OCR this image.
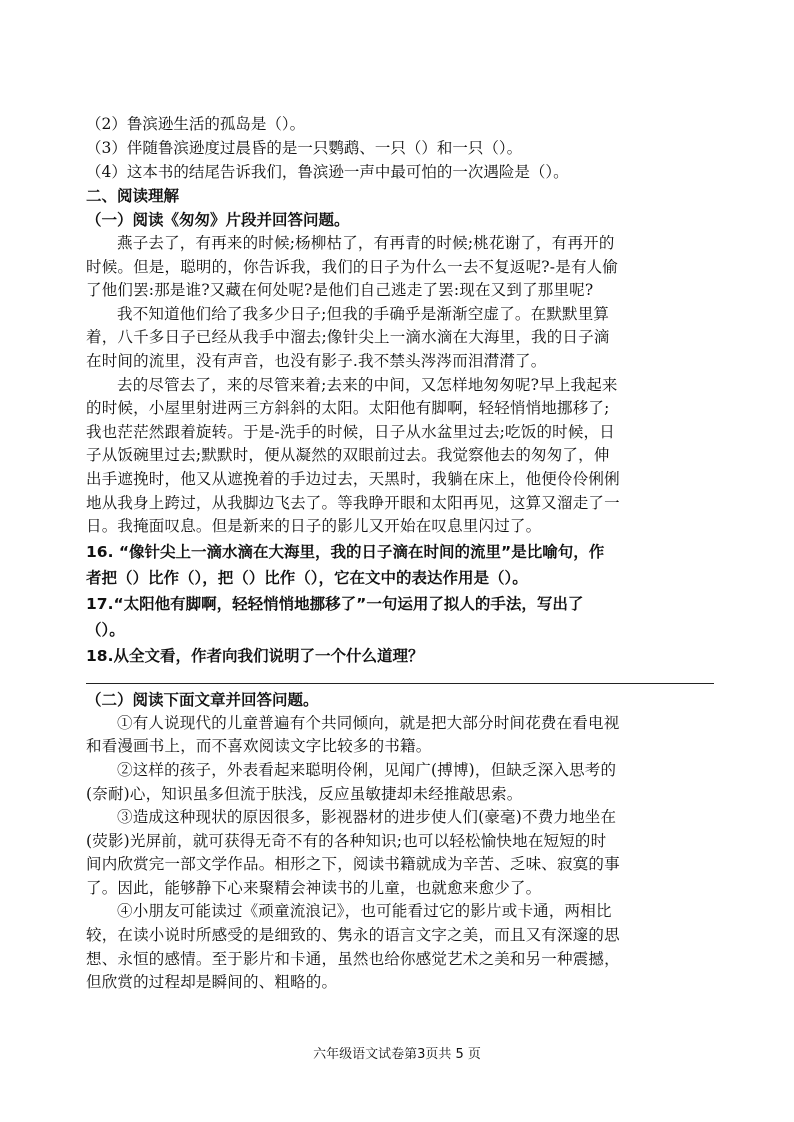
（2）鲁滨逊生活的孤岛是（）。
（3）伴随鲁滨逊度过晨昏的是一只鹦鹉、一只（）和一只（）。
（4）这本书的结尾告诉我们，鲁滨逊一声中最可怕的一次遇险是（）。
二、阅读理解
（一）阅读《匆匆》片段并回答问题。
燕子去了，有再来的时候;杨柳枯了，有再青的时候;桃花谢了，有再开的
时候。但是，聪明的，你告诉我，我们的日子为什么一去不复返呢?-是有人偷
了他们罢:那是谁?又藏在何处呢?是他们自己逃走了罢:现在又到了那里呢?
我不知道他们给了我多少日子;但我的手确乎是渐渐空虚了。在默默里算
着，八千多日子已经从我手中溜去;像针尖上一滴水滴在大海里，我的日子滴
在时间的流里，没有声音，也没有影子.我不禁头涔涔而泪潸潸了。
去的尽管去了，来的尽管来着;去来的中间，又怎样地匆匆呢?早上我起来
的时候，小屋里射进两三方斜斜的太阳。太阳他有脚啊，轻轻悄悄地挪移了;
我也茫茫然跟着旋转。于是-洗手的时候，日子从水盆里过去;吃饭的时候，日
子从饭碗里过去;默默时，便从凝然的双眼前过去。我觉察他去的匆匆了，伸
出手遮挽时，他又从遮挽着的手边过去，天黑时，我躺在床上，他便伶伶俐俐
地从我身上跨过，从我脚边飞去了。等我睁开眼和太阳再见，这算又溜走了一
日。我掩面叹息。但是新来的日子的影儿又开始在叹息里闪过了。
16. “像针尖上一滴水滴在大海里，我的日子滴在时间的流里”是比喻句，作
者把（）比作（），把（）比作（），它在文中的表达作用是（）。
17.“太阳他有脚啊，轻轻悄悄地挪移了”一句运用了拟人的手法，写出了
（）。
18.从全文看，作者向我们说明了一个什么道理？
（二）阅读下面文章并回答问题。
①有人说现代的儿童普遍有个共同倾向，就是把大部分时间花费在看电视
和看漫画书上，而不喜欢阅读文字比较多的书籍。
②这样的孩子，外表看起来聪明伶俐，见闻广(搏博)，但缺乏深入思考的
(奈耐)心，知识虽多但流于肤浅，反应虽敏捷却未经推敲思索。
③造成这种现状的原因很多，影视器材的进步使人们(豪毫)不费力地坐在
(荧影)光屏前，就可获得无奇不有的各种知识;也可以轻松愉快地在短短的时
间内欣赏完一部文学作品。相形之下，阅读书籍就成为辛苦、乏味、寂寞的事
了。因此，能够静下心来聚精会神读书的儿童，也就愈来愈少了。
④小朋友可能读过《顽童流浪记》，也可能看过它的影片或卡通，两相比
较，在读小说时所感受的是细致的、隽永的语言文字之美，而且又有深邃的思
想、永恒的感情。至于影片和卡通，虽然也给你感觉艺术之美和另一种震撼，
但欣赏的过程却是瞬间的、粗略的。
六年级语文试卷第3页共 5 页
